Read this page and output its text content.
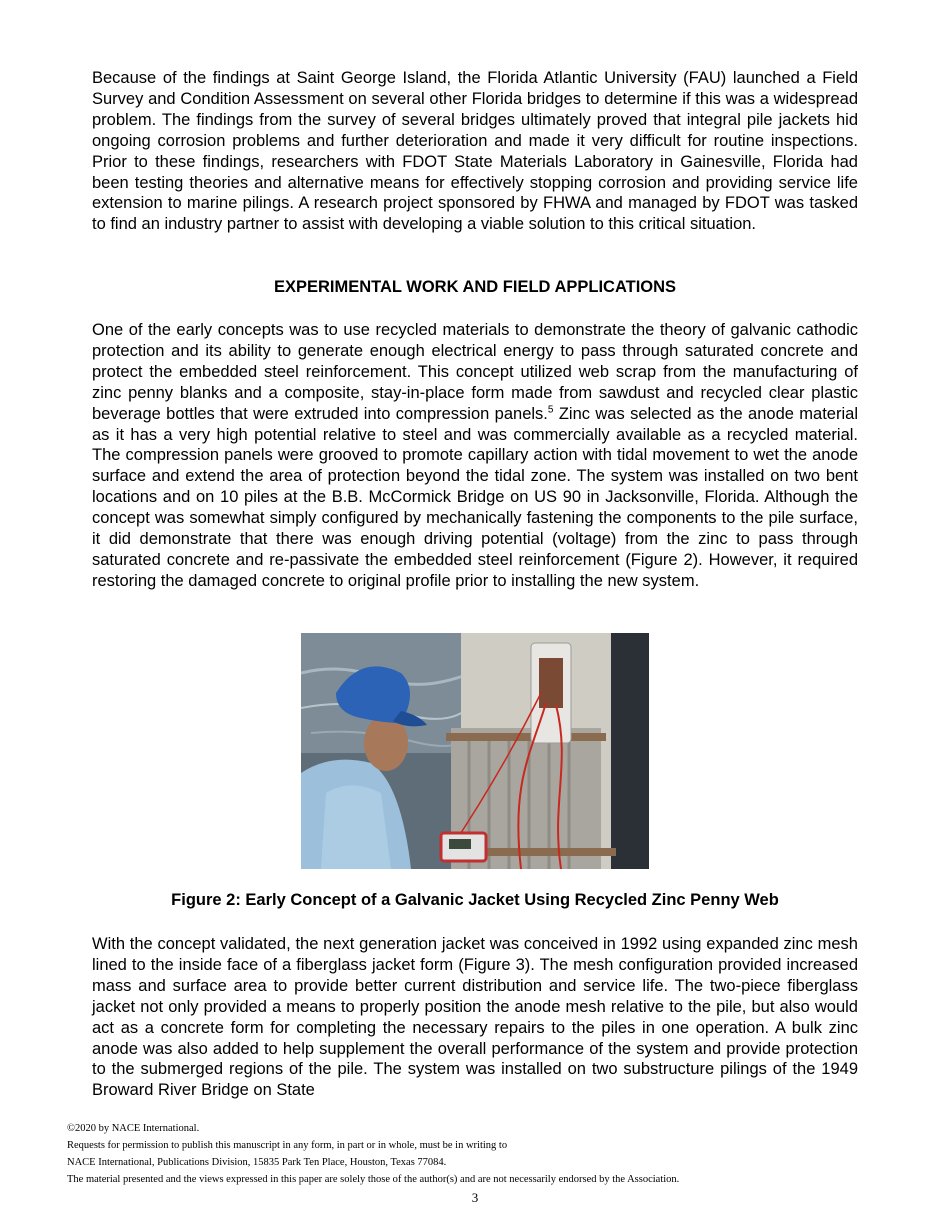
Because of the findings at Saint George Island, the Florida Atlantic University (FAU) launched a Field Survey and Condition Assessment on several other Florida bridges to determine if this was a widespread problem. The findings from the survey of several bridges ultimately proved that integral pile jackets hid ongoing corrosion problems and further deterioration and made it very difficult for routine inspections. Prior to these findings, researchers with FDOT State Materials Laboratory in Gainesville, Florida had been testing theories and alternative means for effectively stopping corrosion and providing service life extension to marine pilings. A research project sponsored by FHWA and managed by FDOT was tasked to find an industry partner to assist with developing a viable solution to this critical situation.

EXPERIMENTAL WORK AND FIELD APPLICATIONS

One of the early concepts was to use recycled materials to demonstrate the theory of galvanic cathodic protection and its ability to generate enough electrical energy to pass through saturated concrete and protect the embedded steel reinforcement. This concept utilized web scrap from the manufacturing of zinc penny blanks and a composite, stay-in-place form made from sawdust and recycled clear plastic beverage bottles that were extruded into compression panels.$^5$ Zinc was selected as the anode material as it has a very high potential relative to steel and was commercially available as a recycled material. The compression panels were grooved to promote capillary action with tidal movement to wet the anode surface and extend the area of protection beyond the tidal zone. The system was installed on two bent locations and on 10 piles at the B.B. McCormick Bridge on US 90 in Jacksonville, Florida. Although the concept was somewhat simply configured by mechanically fastening the components to the pile surface, it did demonstrate that there was enough driving potential (voltage) from the zinc to pass through saturated concrete and re-passivate the embedded steel reinforcement (Figure 2). However, it required restoring the damaged concrete to original profile prior to installing the new system.

Figure 2: Early Concept of a Galvanic Jacket Using Recycled Zinc Penny Web

With the concept validated, the next generation jacket was conceived in 1992 using expanded zinc mesh lined to the inside face of a fiberglass jacket form (Figure 3). The mesh configuration provided increased mass and surface area to provide better current distribution and service life. The two-piece fiberglass jacket not only provided a means to properly position the anode mesh relative to the pile, but also would act as a concrete form for completing the necessary repairs to the piles in one operation. A bulk zinc anode was also added to help supplement the overall performance of the system and provide protection to the submerged regions of the pile. The system was installed on two substructure pilings of the 1949 Broward River Bridge on State

©2020 by NACE International.
Requests for permission to publish this manuscript in any form, in part or in whole, must be in writing to
NACE International, Publications Division, 15835 Park Ten Place, Houston, Texas 77084.
The material presented and the views expressed in this paper are solely those of the author(s) and are not necessarily endorsed by the Association.
3
